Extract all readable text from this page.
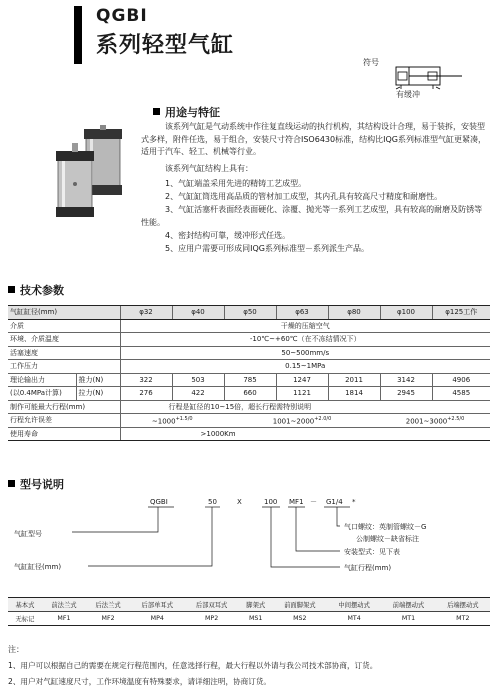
QGBI
系列轻型气缸
符号
有缓冲
用途与特征
该系列气缸是气动系统中作往复直线运动的执行机构，其结构设计合理，易于装拆，安装型式多样，附件任选，易于组合，安装尺寸符合ISO6430标准，结构比IQG系列标准型气缸更紧凑，适用于汽车、轻工、机械等行业。
该系列气缸结构上具有：
1、气缸端盖采用先进的精铸工艺成型。
2、气缸缸筒选用高品质的管材加工成型，其内孔具有较高尺寸精度和耐磨性。
3、气缸活塞杆表面经表面硬化、涂覆、抛光等一系列工艺成型，具有较高的耐磨及防锈等性能。
4、密封结构可靠，缓冲形式任选。
5、应用户需要可形成同IQG系列标准型－系列派生产品。
技术参数
气缸缸径(mm)		φ32	φ40	φ50	φ63	φ80	φ100	φ125工作
介质		干燥的压缩空气						
环境、介质温度		-10℃~+60℃（在不冻结情况下）						
活塞速度		50~500mm/s						
工作压力		0.15~1MPa						
理论输出力	推力(N)	322	503	785	1247	2011	3142	4906
(以0.4MPa计算)	拉力(N)	276	422	660	1121	1814	2945	4585
制作可能最大行程(mm)		行程是缸径的10~15倍，超长行程需特别说明						
行程允许误差		$\sim 1000^{+1.5/0}$		$1001\sim 2000^{+2.0/0}$			$2001\sim 3000^{+2.5/0}$
使用寿命		>1000Km						
型号说明
QGBI	50	X	100 MF1 － G1/4 *
气缸型号
气缸缸径(mm)
气口螺纹：英制管螺纹－G
公制螺纹－缺省标注
安装型式：见下表
气缸行程(mm)
基本式	前法兰式	后法兰式	后部单耳式	后部双耳式	脚架式	前面脚架式	中间摆动式	前端摆动式	后端摆动式
无标记	MF1	MF2	MP4	MP2	MS1	MS2	MT4	MT1	MT2
注：
1、用户可以根据自己的需要在规定行程范围内，任意选择行程，最大行程以外请与我公司技术部协商，订货。
2、用户对气缸速度尺寸，工作环境温度有特殊要求，请详细注明，协商订货。
